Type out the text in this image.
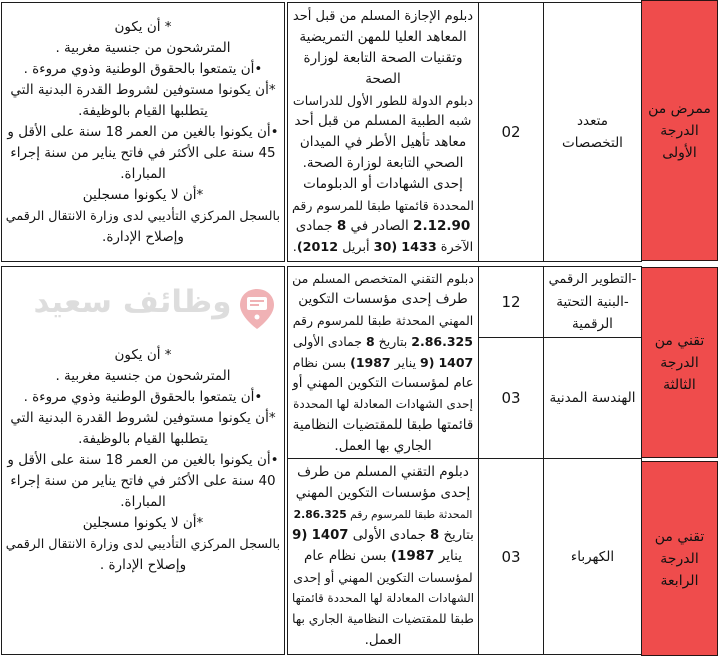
ممرض من
الدرجة
الأولى
متعدد
التخصصات
02
دبلوم الإجازة المسلم من قبل أحد
المعاهد العليا للمهن التمريضية
وتقنيات الصحة التابعة لوزارة
الصحة
دبلوم الدولة للطور الأول للدراسات
شبه الطبية المسلم من قبل أحد
معاهد تأهيل الأطر في الميدان
الصحي التابعة لوزارة الصحة.
إحدى الشهادات أو الدبلومات
المحددة قائمتها طبقا للمرسوم رقم
2.12.90 الصادر في 8 جمادى
الآخرة 1433 (30 أبريل 2012).
* أن يكون
المترشحون من جنسية مغربية .
•أن يتمتعوا بالحقوق الوطنية وذوي مروءة .
*أن يكونوا مستوفين لشروط القدرة البدنية التي
يتطلبها القيام بالوظيفة.
•أن يكونوا بالغين من العمر 18 سنة على الأقل و
45 سنة على الأكثر في فاتح يناير من سنة إجراء
المباراة.
*أن لا يكونوا مسجلين
بالسجل المركزي التأديبي لدى وزارة الانتقال الرقمي
وإصلاح الإدارة.
تقني من
الدرجة
الثالثة
-التطوير الرقمي
-البنية التحتية
الرقمية
12
الهندسة المدنية
03
دبلوم التقني المتخصص المسلم من
طرف إحدى مؤسسات التكوين
المهني المحدثة طبقا للمرسوم رقم
2.86.325 بتاريخ 8 جمادى الأولى
1407 (9 يناير 1987) بسن نظام
عام لمؤسسات التكوين المهني أو
إحدى الشهادات المعادلة لها المحددة
قائمتها طبقا للمقتضيات النظامية
الجاري بها العمل.
* أن يكون
المترشحون من جنسية مغربية .
•أن يتمتعوا بالحقوق الوطنية وذوي مروءة .
*أن يكونوا مستوفين لشروط القدرة البدنية التي
يتطلبها القيام بالوظيفة.
•أن يكونوا بالغين من العمر 18 سنة على الأقل و
40 سنة على الأكثر في فاتح يناير من سنة إجراء
المباراة.
*أن لا يكونوا مسجلين
بالسجل المركزي التأديبي لدى وزارة الانتقال الرقمي
وإصلاح الإدارة .
تقني من
الدرجة
الرابعة
الكهرباء
03
دبلوم التقني المسلم من طرف
إحدى مؤسسات التكوين المهني
المحدثة طبقا للمرسوم رقم 2.86.325
بتاريخ 8 جمادى الأولى 1407 (9
يناير 1987) بسن نظام عام
لمؤسسات التكوين المهني أو إحدى
الشهادات المعادلة لها المحددة قائمتها
طبقا للمقتضيات النظامية الجاري بها
العمل.
وظائف سعيد
